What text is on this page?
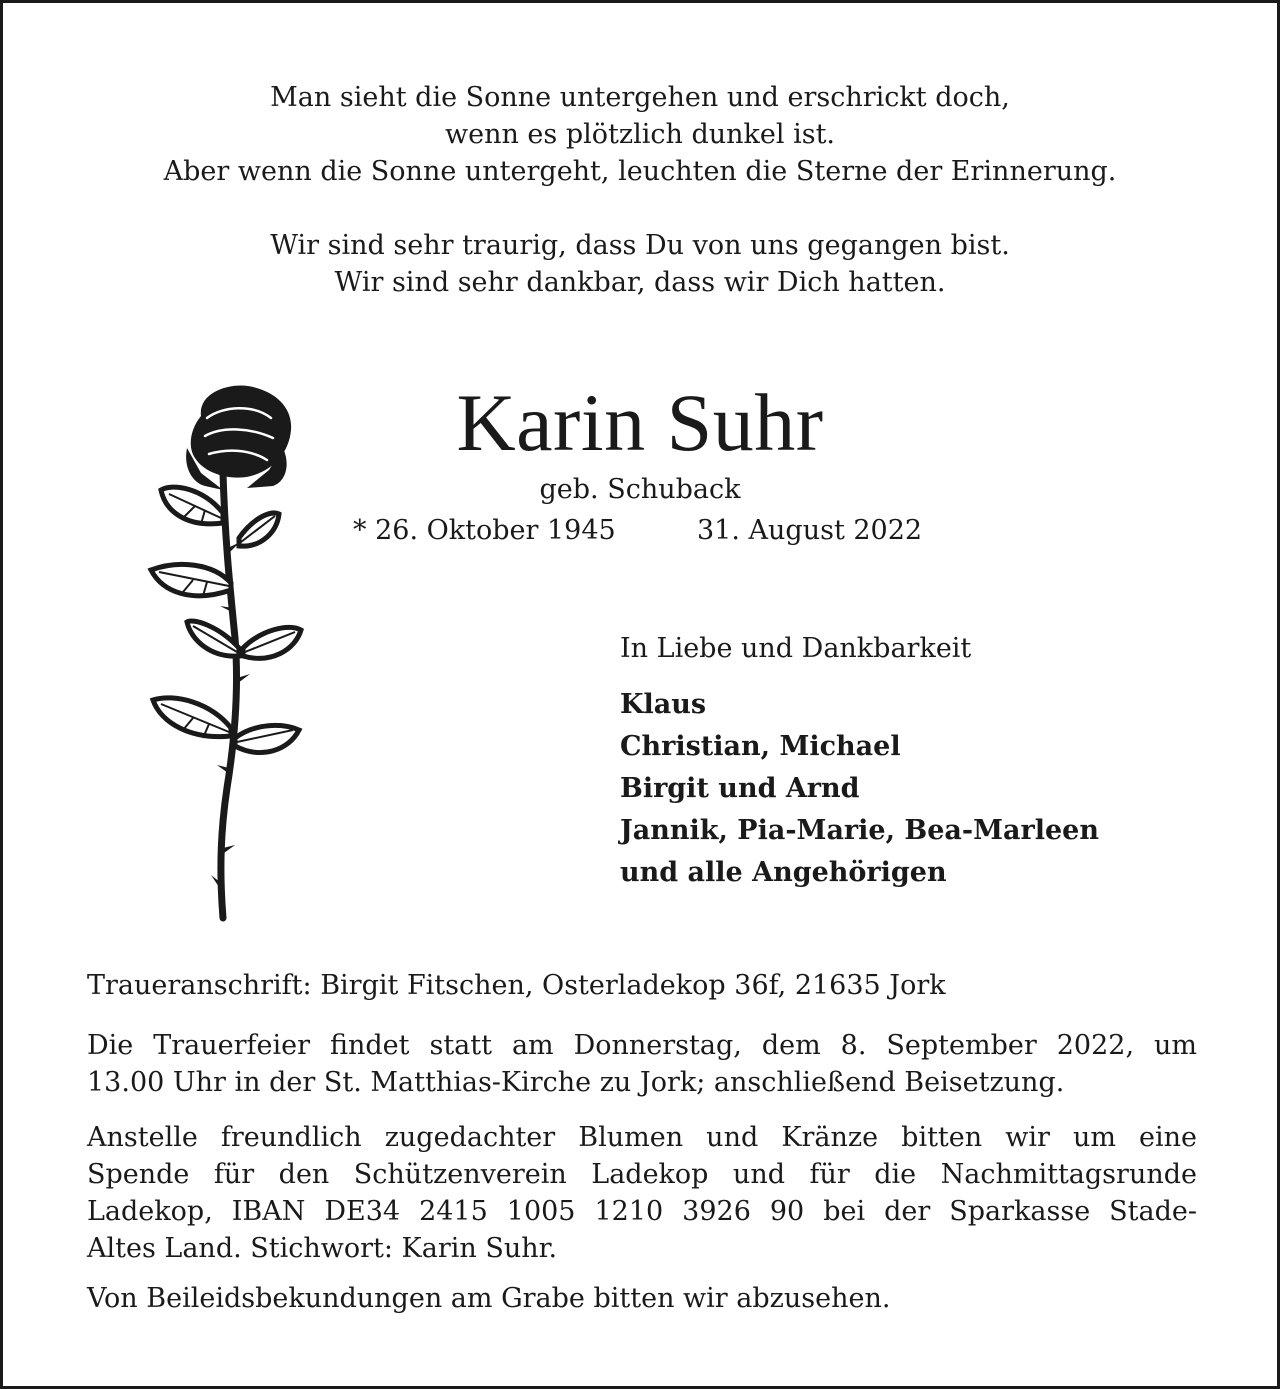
Man sieht die Sonne untergehen und erschrickt doch,
wenn es plötzlich dunkel ist.
Aber wenn die Sonne untergeht, leuchten die Sterne der Erinnerung.
Wir sind sehr traurig, dass Du von uns gegangen bist.
Wir sind sehr dankbar, dass wir Dich hatten.
Karin Suhr
geb. Schuback
* 26. Oktober 1945	31. August 2022
In Liebe und Dankbarkeit
Klaus
Christian, Michael
Birgit und Arnd
Jannik, Pia-Marie, Bea-Marleen
und alle Angehörigen
Traueranschrift: Birgit Fitschen, Osterladekop 36f, 21635 Jork
Die Trauerfeier findet statt am Donnerstag, dem 8. September 2022, um
13.00 Uhr in der St. Matthias-Kirche zu Jork; anschließend Beisetzung.
Anstelle freundlich zugedachter Blumen und Kränze bitten wir um eine
Spende für den Schützenverein Ladekop und für die Nachmittagsrunde
Ladekop, IBAN DE34 2415 1005 1210 3926 90 bei der Sparkasse Stade-
Altes Land. Stichwort: Karin Suhr.
Von Beileidsbekundungen am Grabe bitten wir abzusehen.
